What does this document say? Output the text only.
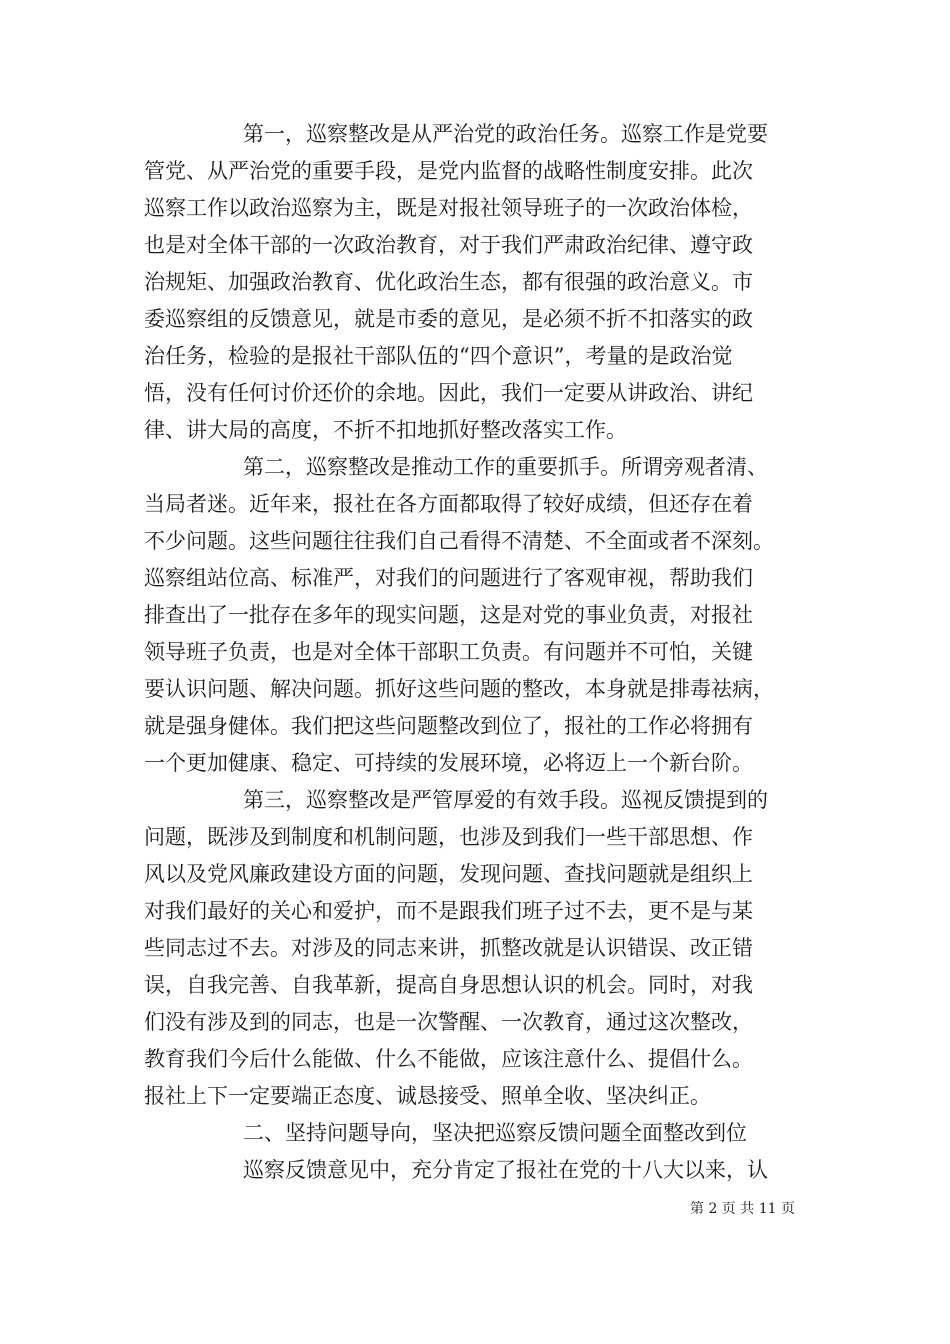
第一，巡察整改是从严治党的政治任务。巡察工作是党要
管党、从严治党的重要手段，是党内监督的战略性制度安排。此次
巡察工作以政治巡察为主，既是对报社领导班子的一次政治体检，
也是对全体干部的一次政治教育，对于我们严肃政治纪律、遵守政
治规矩、加强政治教育、优化政治生态，都有很强的政治意义。市
委巡察组的反馈意见，就是市委的意见，是必须不折不扣落实的政
治任务，检验的是报社干部队伍的“四个意识”，考量的是政治觉
悟，没有任何讨价还价的余地。因此，我们一定要从讲政治、讲纪
律、讲大局的高度，不折不扣地抓好整改落实工作。
第二，巡察整改是推动工作的重要抓手。所谓旁观者清、
当局者迷。近年来，报社在各方面都取得了较好成绩，但还存在着
不少问题。这些问题往往我们自己看得不清楚、不全面或者不深刻。
巡察组站位高、标准严，对我们的问题进行了客观审视，帮助我们
排查出了一批存在多年的现实问题，这是对党的事业负责，对报社
领导班子负责，也是对全体干部职工负责。有问题并不可怕，关键
要认识问题、解决问题。抓好这些问题的整改，本身就是排毒祛病，
就是强身健体。我们把这些问题整改到位了，报社的工作必将拥有
一个更加健康、稳定、可持续的发展环境，必将迈上一个新台阶。
第三，巡察整改是严管厚爱的有效手段。巡视反馈提到的
问题，既涉及到制度和机制问题，也涉及到我们一些干部思想、作
风以及党风廉政建设方面的问题，发现问题、查找问题就是组织上
对我们最好的关心和爱护，而不是跟我们班子过不去，更不是与某
些同志过不去。对涉及的同志来讲，抓整改就是认识错误、改正错
误，自我完善、自我革新，提高自身思想认识的机会。同时，对我
们没有涉及到的同志，也是一次警醒、一次教育，通过这次整改，
教育我们今后什么能做、什么不能做，应该注意什么、提倡什么。
报社上下一定要端正态度、诚恳接受、照单全收、坚决纠正。
二、坚持问题导向，坚决把巡察反馈问题全面整改到位
巡察反馈意见中，充分肯定了报社在党的十八大以来，认
第 2 页 共 11 页
